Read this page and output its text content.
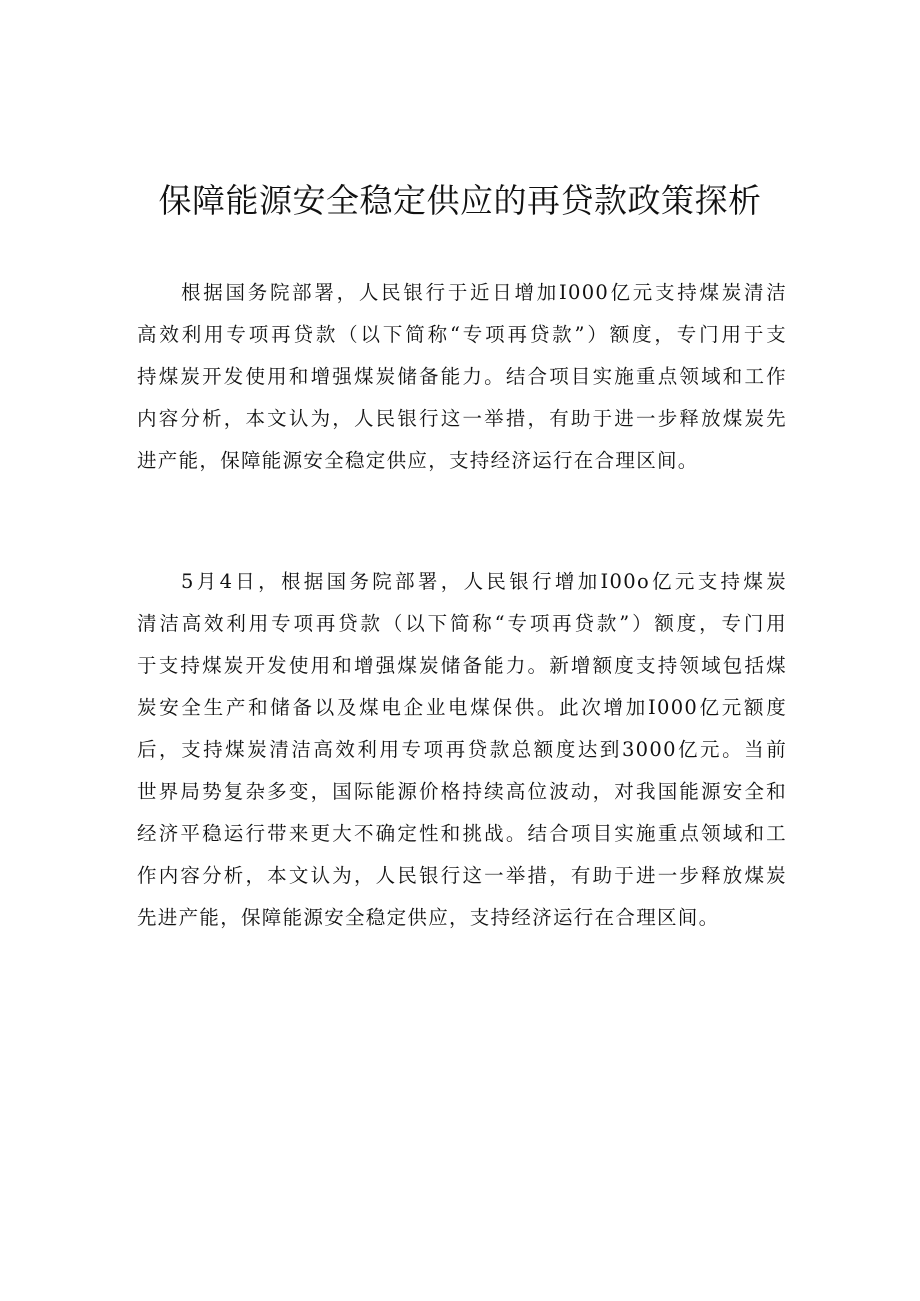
保障能源安全稳定供应的再贷款政策探析
根据国务院部署，人民银行于近日增加I000亿元支持煤炭清洁
高效利用专项再贷款（以下简称“专项再贷款”）额度，专门用于支
持煤炭开发使用和增强煤炭储备能力。结合项目实施重点领域和工作
内容分析，本文认为，人民银行这一举措，有助于进一步释放煤炭先
进产能，保障能源安全稳定供应，支持经济运行在合理区间。
5月4日，根据国务院部署，人民银行增加I00o亿元支持煤炭
清洁高效利用专项再贷款（以下简称“专项再贷款”）额度，专门用
于支持煤炭开发使用和增强煤炭储备能力。新增额度支持领域包括煤
炭安全生产和储备以及煤电企业电煤保供。此次增加I000亿元额度
后，支持煤炭清洁高效利用专项再贷款总额度达到3000亿元。当前
世界局势复杂多变，国际能源价格持续高位波动，对我国能源安全和
经济平稳运行带来更大不确定性和挑战。结合项目实施重点领域和工
作内容分析，本文认为，人民银行这一举措，有助于进一步释放煤炭
先进产能，保障能源安全稳定供应，支持经济运行在合理区间。
